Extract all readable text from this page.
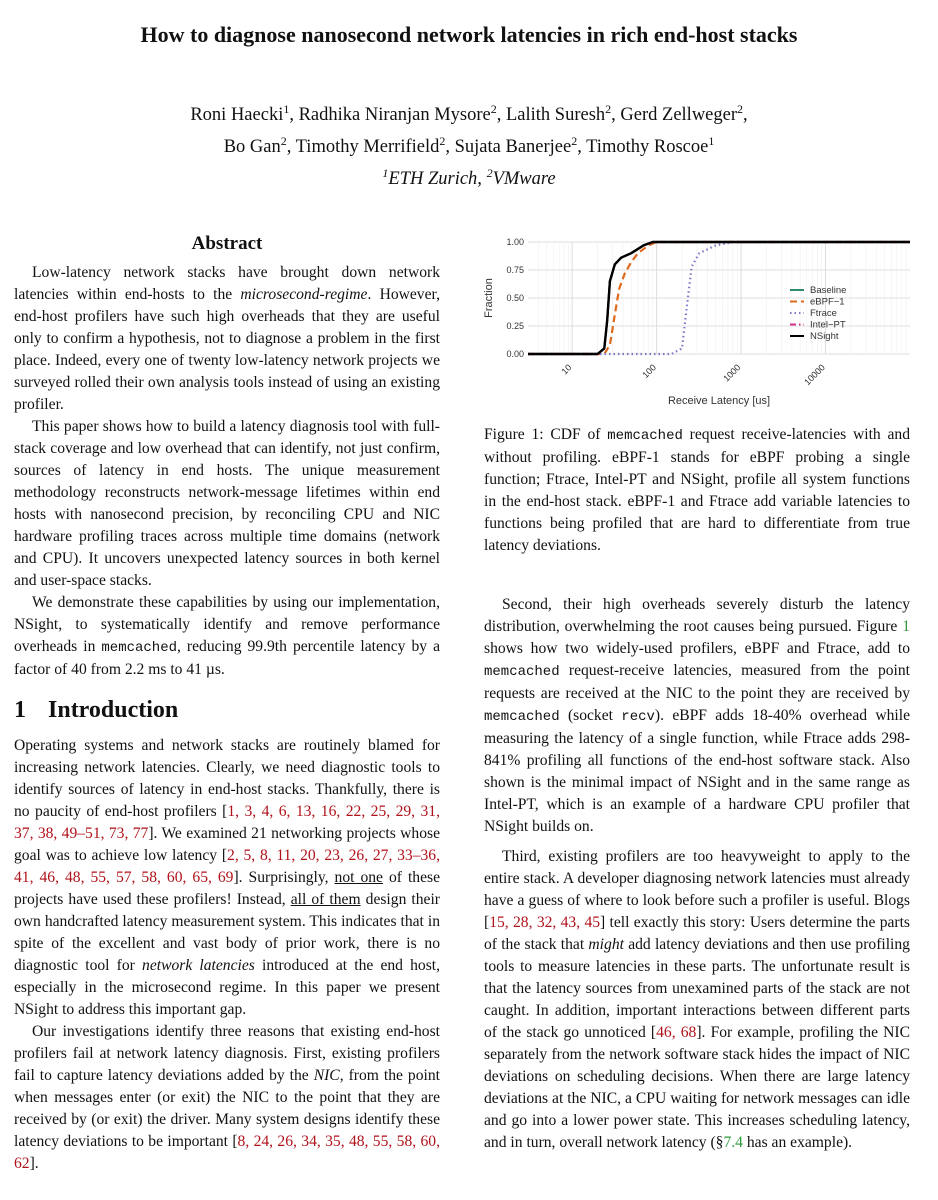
How to diagnose nanosecond network latencies in rich end-host stacks
Roni Haecki$^1$, Radhika Niranjan Mysore$^2$, Lalith Suresh$^2$, Gerd Zellweger$^2$,
Bo Gan$^2$, Timothy Merrifield$^2$, Sujata Banerjee$^2$, Timothy Roscoe$^1$
$^1$ETH Zurich, $^2$VMware
Abstract

Low-latency network stacks have brought down network latencies within end-hosts to the microsecond-regime. However, end-host profilers have such high overheads that they are useful only to confirm a hypothesis, not to diagnose a problem in the first place. Indeed, every one of twenty low-latency network projects we surveyed rolled their own analysis tools instead of using an existing profiler.

This paper shows how to build a latency diagnosis tool with full-stack coverage and low overhead that can identify, not just confirm, sources of latency in end hosts. The unique measurement methodology reconstructs network-message lifetimes within end hosts with nanosecond precision, by reconciling CPU and NIC hardware profiling traces across multiple time domains (network and CPU). It uncovers unexpected latency sources in both kernel and user-space stacks.

We demonstrate these capabilities by using our implementation, NSight, to systematically identify and remove performance overheads in memcached, reducing 99.9th percentile latency by a factor of 40 from 2.2 ms to 41 µs.

1 Introduction

Operating systems and network stacks are routinely blamed for increasing network latencies. Clearly, we need diagnostic tools to identify sources of latency in end-host stacks. Thankfully, there is no paucity of end-host profilers [1, 3, 4, 6, 13, 16, 22, 25, 29, 31, 37, 38, 49–51, 73, 77]. We examined 21 networking projects whose goal was to achieve low latency [2, 5, 8, 11, 20, 23, 26, 27, 33–36, 41, 46, 48, 55, 57, 58, 60, 65, 69]. Surprisingly, not one of these projects have used these profilers! Instead, all of them design their own handcrafted latency measurement system. This indicates that in spite of the excellent and vast body of prior work, there is no diagnostic tool for network latencies introduced at the end host, especially in the microsecond regime. In this paper we present NSight to address this important gap.

Our investigations identify three reasons that existing end-host profilers fail at network latency diagnosis. First, existing profilers fail to capture latency deviations added by the NIC, from the point when messages enter (or exit) the NIC to the point that they are received by (or exit) the driver. Many system designs identify these latency deviations to be important [8, 24, 26, 34, 35, 48, 55, 58, 60, 62].

0.00
0.25
0.50
0.75
1.00
10	100	1000	10000
Baseline
eBPF−1
Ftrace
Intel−PT
NSight
Receive Latency [us]
Fraction
Figure 1: CDF of memcached request receive-latencies with and without profiling. eBPF-1 stands for eBPF probing a single function; Ftrace, Intel-PT and NSight, profile all system functions in the end-host stack. eBPF-1 and Ftrace add variable latencies to functions being profiled that are hard to differentiate from true latency deviations.

Second, their high overheads severely disturb the latency distribution, overwhelming the root causes being pursued. Figure 1 shows how two widely-used profilers, eBPF and Ftrace, add to memcached request-receive latencies, measured from the point requests are received at the NIC to the point they are received by memcached (socket recv). eBPF adds 18-40% overhead while measuring the latency of a single function, while Ftrace adds 298-841% profiling all functions of the end-host software stack. Also shown is the minimal impact of NSight and in the same range as Intel-PT, which is an example of a hardware CPU profiler that NSight builds on.

Third, existing profilers are too heavyweight to apply to the entire stack. A developer diagnosing network latencies must already have a guess of where to look before such a profiler is useful. Blogs [15, 28, 32, 43, 45] tell exactly this story: Users determine the parts of the stack that might add latency deviations and then use profiling tools to measure latencies in these parts. The unfortunate result is that the latency sources from unexamined parts of the stack are not caught. In addition, important interactions between different parts of the stack go unnoticed [46, 68]. For example, profiling the NIC separately from the network software stack hides the impact of NIC deviations on scheduling decisions. When there are large latency deviations at the NIC, a CPU waiting for network messages can idle and go into a lower power state. This increases scheduling latency, and in turn, overall network latency (§7.4 has an example).
